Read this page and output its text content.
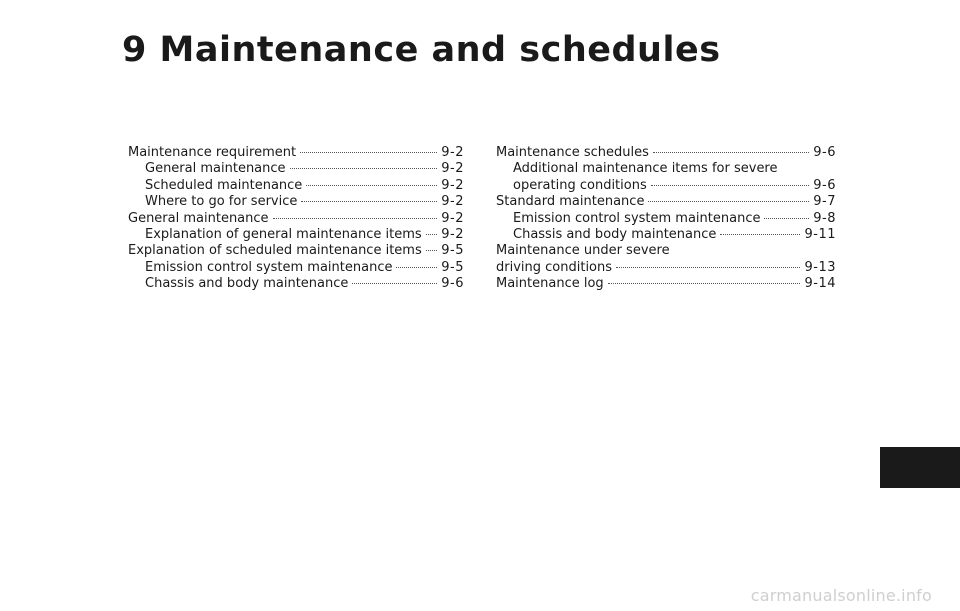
9 Maintenance and schedules
Maintenance requirement	9-2
General maintenance	9-2
Scheduled maintenance	9-2
Where to go for service	9-2
General maintenance	9-2
Explanation of general maintenance items 9-2
Explanation of scheduled maintenance items 9-5
Emission control system maintenance	9-5
Chassis and body maintenance	9-6
Maintenance schedules	9-6
Additional maintenance items for severe
operating conditions	9-6
Standard maintenance	9-7
Emission control system maintenance	9-8
Chassis and body maintenance	9-11
Maintenance under severe
driving conditions	9-13
Maintenance log	9-14
carmanualsonline.info
